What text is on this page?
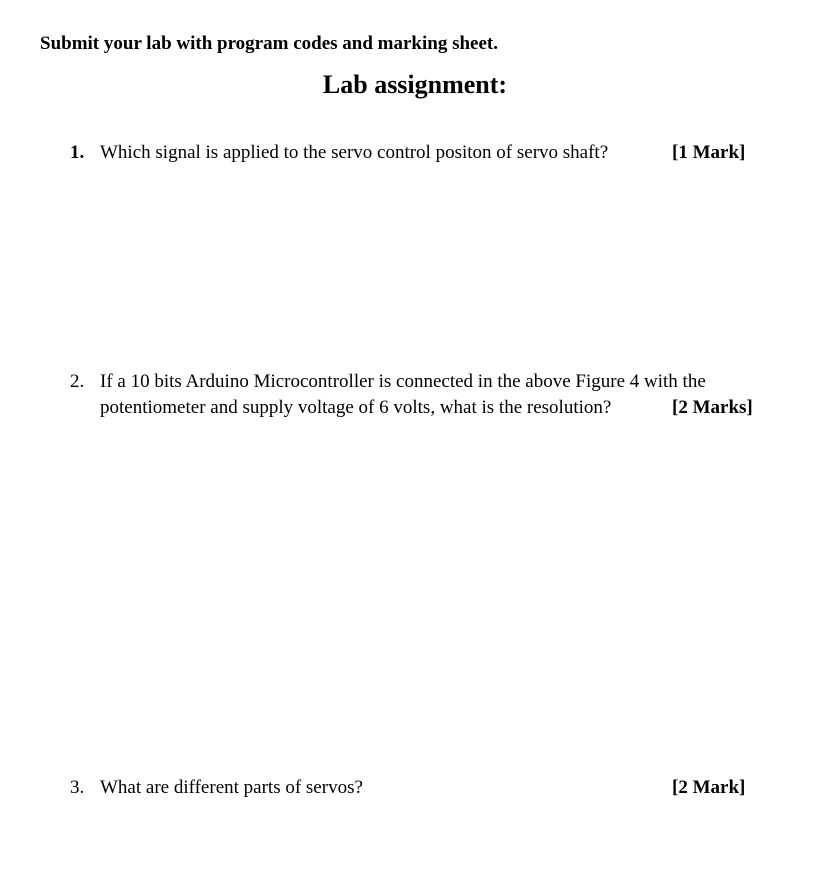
Submit your lab with program codes and marking sheet.
Lab assignment:
1. Which signal is applied to the servo control positon of servo shaft?	[1 Mark]
2. If a 10 bits Arduino Microcontroller is connected in the above Figure 4 with the
potentiometer and supply voltage of 6 volts, what is the resolution?	[2 Marks]
3. What are different parts of servos?	[2 Mark]
